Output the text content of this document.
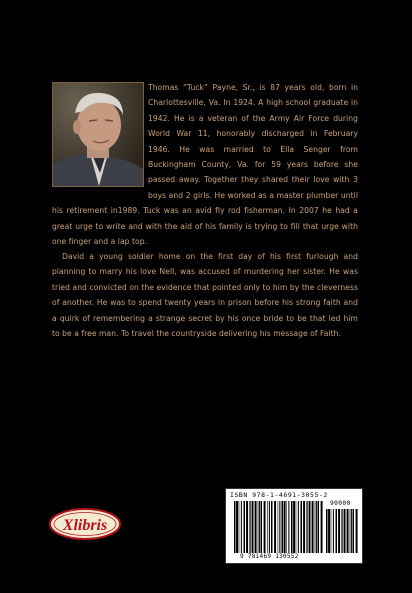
Thomas “Tuck” Payne, Sr., is 87 years old, born in Charlottesville, Va. In 1924. A high school graduate in 1942. He is a veteran of the Army Air Force during World War 11, honorably discharged in February 1946. He was married to Ella Senger from Buckingham County, Va. for 59 years before she passed away. Together they shared their love with 3 boys and 2 girls. He worked as a master plumber until his retirement in1989. Tuck was an avid fly rod fisherman. In 2007 he had a great urge to write and with the aid of his family is trying to fill that urge with one finger and a lap top.
David a young soldier home on the first day of his first furlough and planning to marry his love Nell, was accused of murdering her sister. He was tried and convicted on the evidence that pointed only to him by the cleverness of another. He was to spend twenty years in prison before his strong faith and a quirk of remembering a strange secret by his once bride to be that led him to be a free man. To travel the countryside delivering his message of Faith.
Xlibris
ISBN 978-1-4691-3055-2
90000
9 781469 130552
